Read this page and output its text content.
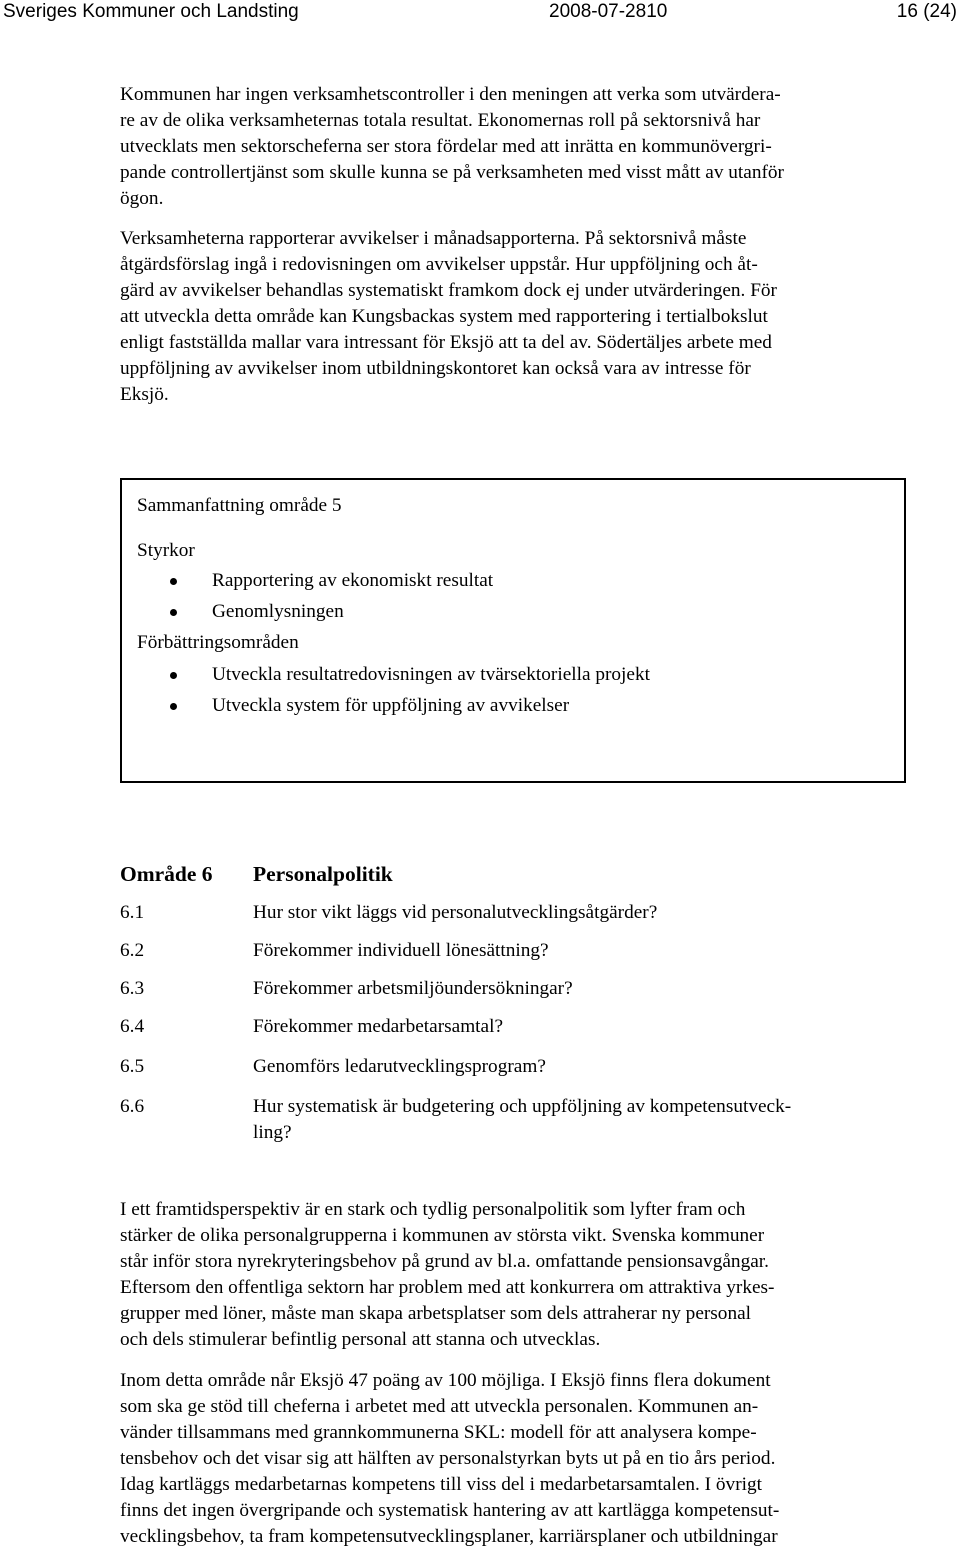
Sveriges Kommuner och Landsting	2008-07-2810	16 (24)
Kommunen har ingen verksamhetscontroller i den meningen att verka som utvärdera-
re av de olika verksamheternas totala resultat. Ekonomernas roll på sektorsnivå har
utvecklats men sektorscheferna ser stora fördelar med att inrätta en kommunövergri-
pande controllertjänst som skulle kunna se på verksamheten med visst mått av utanför
ögon.
Verksamheterna rapporterar avvikelser i månadsapporterna. På sektorsnivå måste
åtgärdsförslag ingå i redovisningen om avvikelser uppstår. Hur uppföljning och åt-
gärd av avvikelser behandlas systematiskt framkom dock ej under utvärderingen. För
att utveckla detta område kan Kungsbackas system med rapportering i tertialbokslut
enligt fastställda mallar vara intressant för Eksjö att ta del av. Södertäljes arbete med
uppföljning av avvikelser inom utbildningskontoret kan också vara av intresse för
Eksjö.
Sammanfattning område 5
Styrkor
Rapportering av ekonomiskt resultat
Genomlysningen
Förbättringsområden
Utveckla resultatredovisningen av tvärsektoriella projekt
Utveckla system för uppföljning av avvikelser
Område 6 Personalpolitik
6.1	Hur stor vikt läggs vid personalutvecklingsåtgärder?
6.2	Förekommer individuell lönesättning?
6.3	Förekommer arbetsmiljöundersökningar?
6.4	Förekommer medarbetarsamtal?
6.5	Genomförs ledarutvecklingsprogram?
6.6	Hur systematisk är budgetering och uppföljning av kompetensutveck-
ling?
I ett framtidsperspektiv är en stark och tydlig personalpolitik som lyfter fram och
stärker de olika personalgrupperna i kommunen av största vikt. Svenska kommuner
står inför stora nyrekryteringsbehov på grund av bl.a. omfattande pensionsavgångar.
Eftersom den offentliga sektorn har problem med att konkurrera om attraktiva yrkes-
grupper med löner, måste man skapa arbetsplatser som dels attraherar ny personal
och dels stimulerar befintlig personal att stanna och utvecklas.
Inom detta område når Eksjö 47 poäng av 100 möjliga. I Eksjö finns flera dokument
som ska ge stöd till cheferna i arbetet med att utveckla personalen. Kommunen an-
vänder tillsammans med grannkommunerna SKL: modell för att analysera kompe-
tensbehov och det visar sig att hälften av personalstyrkan byts ut på en tio års period.
Idag kartläggs medarbetarnas kompetens till viss del i medarbetarsamtalen. I övrigt
finns det ingen övergripande och systematisk hantering av att kartlägga kompetensut-
vecklingsbehov, ta fram kompetensutvecklingsplaner, karriärsplaner och utbildningar
